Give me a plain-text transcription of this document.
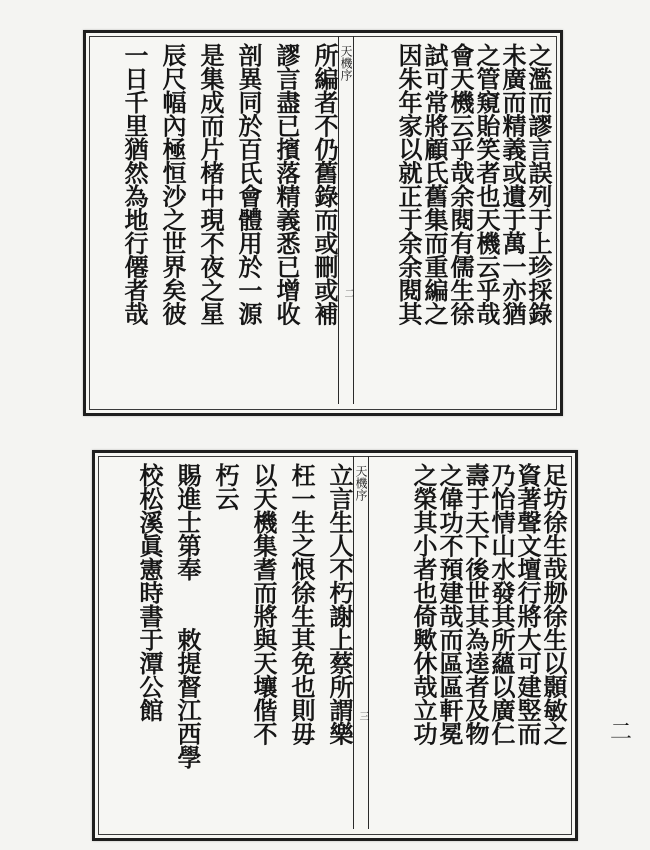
之濫而謬言誤列于上珍採錄
未廣而精義或遺于萬一亦猶
之管窺貽笑者也天機云乎哉
會天機云乎哉余閱有儒生徐
試可常將顧氏舊集而重編之
因朱年家以就正于余余閱其
天機序
二
所編者不仍舊錄而或刪或補
謬言盡已擯落精義悉已增收
剖異同於百氏會體用於一源
是集成而片楮中現不夜之星
辰尺幅內極恒沙之世界矣彼
一日千里猶然為地行僊者哉
足坊徐生哉刱徐生以顥敏之
資著聲文壇行將大可建竪而
乃怡情山水發其所蘊以廣仁
壽于天下後世其為逵者及物
之偉功不預建哉而區區軒冕
之榮其小者也倚歟休哉立功
天機序
三
立言生人不朽謝上蔡所謂樂
枉一生之恨徐生其免也則毋
以天機集耆而將與天壤偕不
朽云
賜進士第奉　　敕提督江西學
校松溪眞憲時書于潭公館
二
